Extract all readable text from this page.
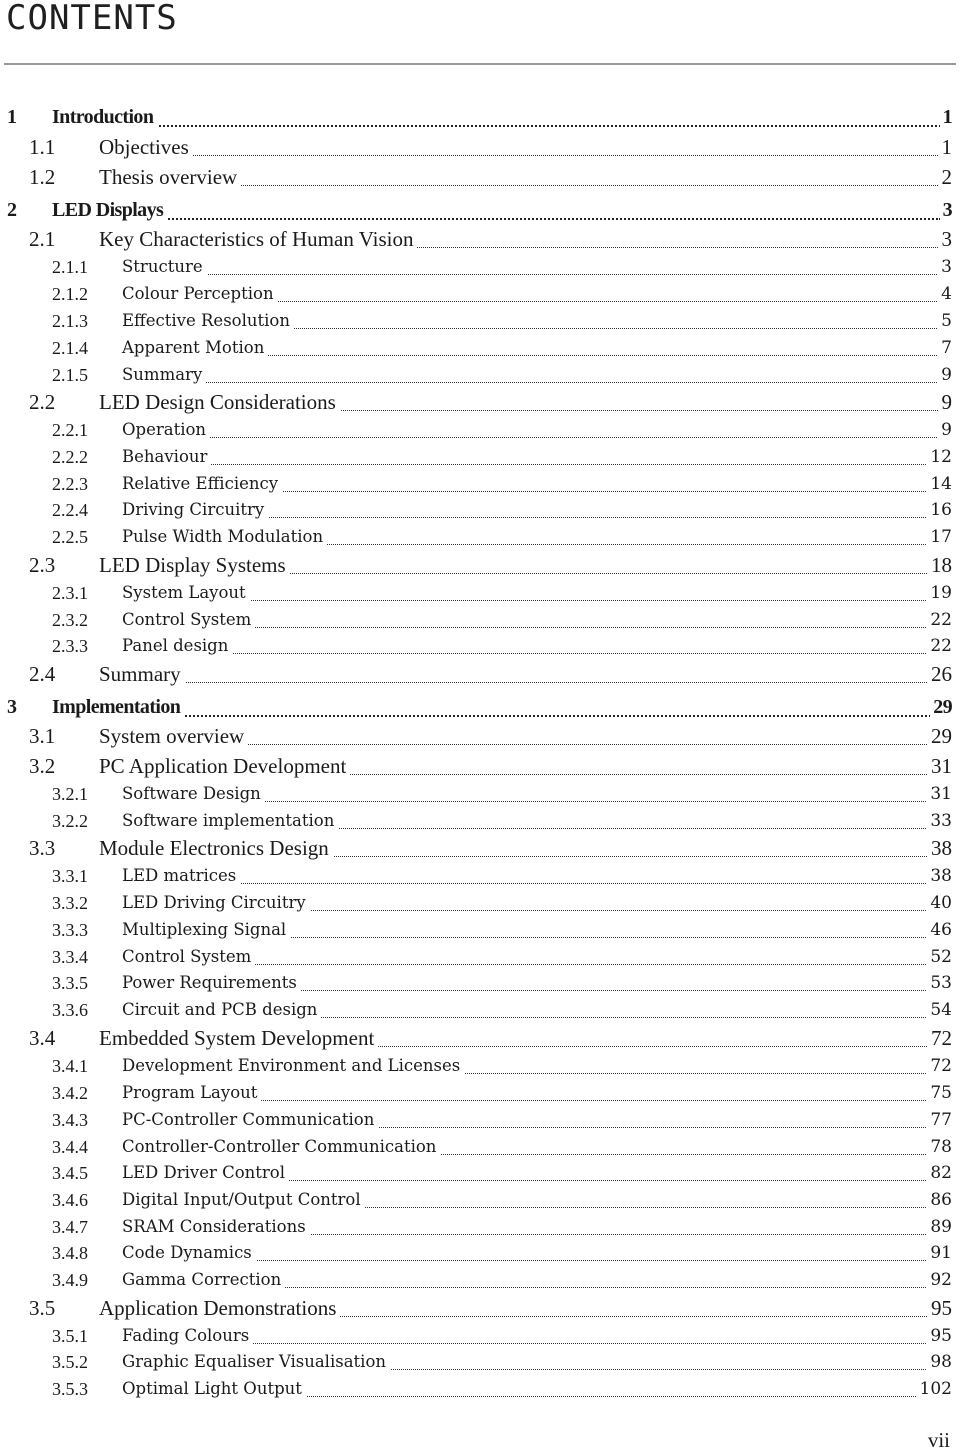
CONTENTS
1 Introduction	1
1.1 Objectives	1
1.2 Thesis overview	2
2 LED Displays	3
2.1 Key Characteristics of Human Vision	3
2.1.1 Structure	3
2.1.2 Colour Perception	4
2.1.3 Effective Resolution	5
2.1.4 Apparent Motion	7
2.1.5 Summary	9
2.2 LED Design Considerations	9
2.2.1 Operation	9
2.2.2 Behaviour	12
2.2.3 Relative Efficiency	14
2.2.4 Driving Circuitry	16
2.2.5 Pulse Width Modulation	17
2.3 LED Display Systems	18
2.3.1 System Layout	19
2.3.2 Control System	22
2.3.3 Panel design	22
2.4 Summary	26
3 Implementation	29
3.1 System overview	29
3.2 PC Application Development	31
3.2.1 Software Design	31
3.2.2 Software implementation	33
3.3 Module Electronics Design	38
3.3.1 LED matrices	38
3.3.2 LED Driving Circuitry	40
3.3.3 Multiplexing Signal	46
3.3.4 Control System	52
3.3.5 Power Requirements	53
3.3.6 Circuit and PCB design	54
3.4 Embedded System Development	72
3.4.1 Development Environment and Licenses	72
3.4.2 Program Layout	75
3.4.3 PC-Controller Communication	77
3.4.4 Controller-Controller Communication	78
3.4.5 LED Driver Control	82
3.4.6 Digital Input/Output Control	86
3.4.7 SRAM Considerations	89
3.4.8 Code Dynamics	91
3.4.9 Gamma Correction	92
3.5 Application Demonstrations	95
3.5.1 Fading Colours	95
3.5.2 Graphic Equaliser Visualisation	98
3.5.3 Optimal Light Output	102
vii
